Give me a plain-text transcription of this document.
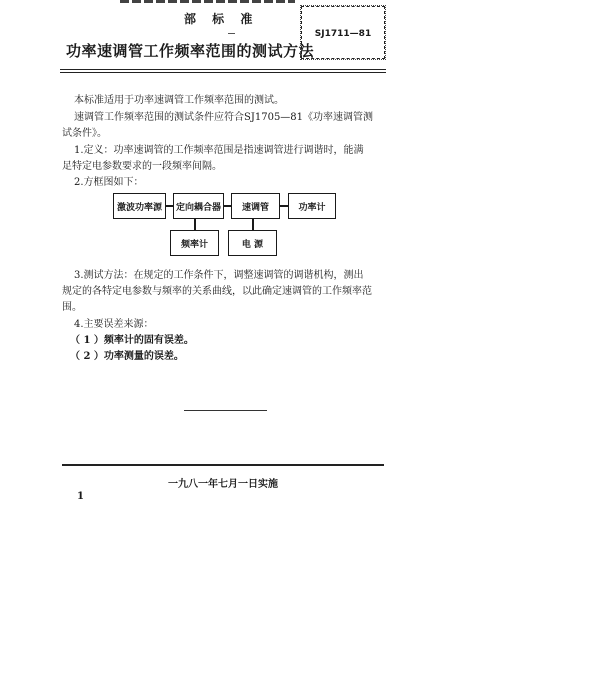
部 标 准
功率速调管工作频率范围的测试方法
SJ1711—81
本标准适用于功率速调管工作频率范围的测试。
速调管工作频率范围的测试条件应符合SJ1705—81《功率速调管测
试条件》。
1.定义：功率速调管的工作频率范围是指速调管进行调谐时，能满
足特定电参数要求的一段频率间隔。
2.方框图如下：
激波功率源	定向耦合器	速调管	功率计
频率计	电 源
3.测试方法：在规定的工作条件下，调整速调管的调谐机构，测出
规定的各特定电参数与频率的关系曲线，以此确定速调管的工作频率范
围。
4.主要误差来源：
（ 1 ）频率计的固有误差。
（ 2 ）功率测量的误差。
一九八一年七月一日实施
1
